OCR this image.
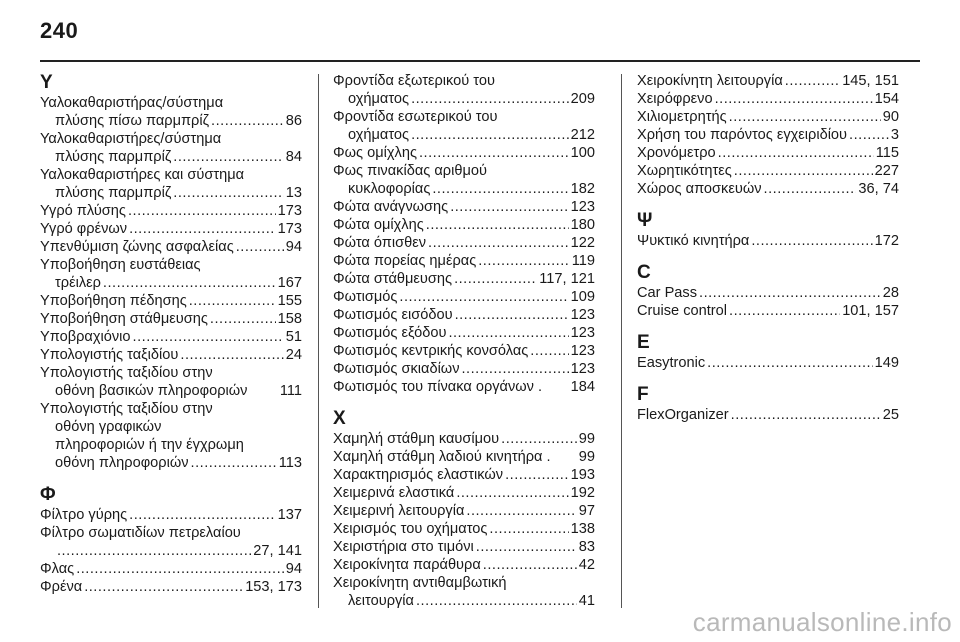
240
Υ
Υαλοκαθαριστήρας/σύστημα
πλύσης πίσω παρμπρίζ .....	86
Υαλοκαθαριστήρες/σύστημα
πλύσης παρμπρίζ .....	84
Υαλοκαθαριστήρες και σύστημα
πλύσης παρμπρίζ .....	13
Υγρό πλύσης .....	173
Υγρό φρένων .....	173
Υπενθύμιση ζώνης ασφαλείας .....	94
Υποβοήθηση ευστάθειας
τρέιλερ .....	167
Υποβοήθηση πέδησης .....	155
Υποβοήθηση στάθμευσης .....	158
Υποβραχιόνιο .....	51
Υπολογιστής ταξιδίου .....	24
Υπολογιστής ταξιδίου στην
οθόνη βασικών πληροφοριών 111
Υπολογιστής ταξιδίου στην
οθόνη γραφικών
πληροφοριών ή την έγχρωμη
οθόνη πληροφοριών .....	113
Φ
Φίλτρο γύρης .....	137
Φίλτρο σωματιδίων πετρελαίου
.....
27, 141
Φλας .....	94
Φρένα .....	153, 173
Φροντίδα εξωτερικού του
οχήματος .....	209
Φροντίδα εσωτερικού του
οχήματος .....	212
Φως ομίχλης .....	100
Φως πινακίδας αριθμού
κυκλοφορίας .....	182
Φώτα ανάγνωσης .....	123
Φώτα ομίχλης .....	180
Φώτα όπισθεν .....	122
Φώτα πορείας ημέρας .....	119
Φώτα στάθμευσης .....	117, 121
Φωτισμός .....	109
Φωτισμός εισόδου .....	123
Φωτισμός εξόδου .....	123
Φωτισμός κεντρικής κονσόλας .....	123
Φωτισμός σκιαδίων .....	123
Φωτισμός του πίνακα οργάνων . 184
Χ
Χαμηλή στάθμη καυσίμου .....	99
Χαμηλή στάθμη λαδιού κινητήρα . 99
Χαρακτηρισμός ελαστικών .....	193
Χειμερινά ελαστικά .....	192
Χειμερινή λειτουργία .....	97
Χειρισμός του οχήματος .....	138
Χειριστήρια στο τιμόνι .....	83
Χειροκίνητα παράθυρα .....	42
Χειροκίνητη αντιθαμβωτική
λειτουργία .....	41
Χειροκίνητη λειτουργία .....	145, 151
Χειρόφρενο .....	154
Χιλιομετρητής .....	90
Χρήση του παρόντος εγχειριδίου .....	3
Χρονόμετρο .....	115
Χωρητικότητες .....	227
Χώρος αποσκευών .....	36, 74
Ψ
Ψυκτικό κινητήρα .....	172
C
Car Pass .....	28
Cruise control .....	101, 157
E
Easytronic .....	149
F
FlexOrganizer .....	25
carmanualsonline.info
